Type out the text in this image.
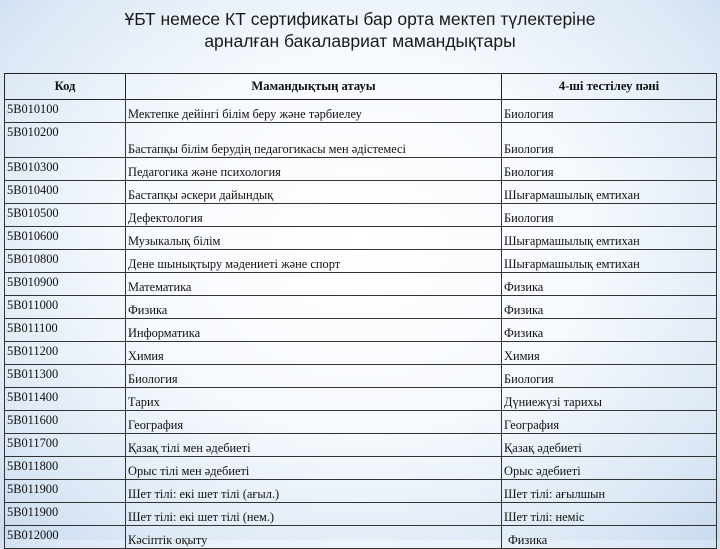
ҰБТ немесе КТ сертификаты бар орта мектеп түлектеріне
арналған бакалавриат мамандықтары
Код	Мамандықтың атауы	4-ші тестілеу пәні
5B010100	Мектепке дейінгі білім беру және тәрбиелеу	Биология
5B010200	Бастапқы білім берудің педагогикасы мен әдістемесі	Биология
5B010300	Педагогика және психология	Биология
5B010400	Бастапқы әскери дайындық	Шығармашылық емтихан
5B010500	Дефектология	Биология
5B010600	Музыкалық білім	Шығармашылық емтихан
5B010800	Дене шынықтыру мәдениеті және спорт	Шығармашылық емтихан
5B010900	Математика	Физика
5B011000	Физика	Физика
5B011100	Информатика	Физика
5B011200	Химия	Химия
5B011300	Биология	Биология
5B011400	Тарих	Дүниежүзі тарихы
5B011600	География	География
5B011700	Қазақ тілі мен әдебиеті	Қазақ әдебиеті
5B011800	Орыс тілі мен әдебиеті	Орыс әдебиеті
5B011900	Шет тілі: екі шет тілі (ағыл.)	Шет тілі: ағылшын
5B011900	Шет тілі: екі шет тілі (нем.)	Шет тілі: неміс
5B012000	Кәсіптік оқыту	Физика
